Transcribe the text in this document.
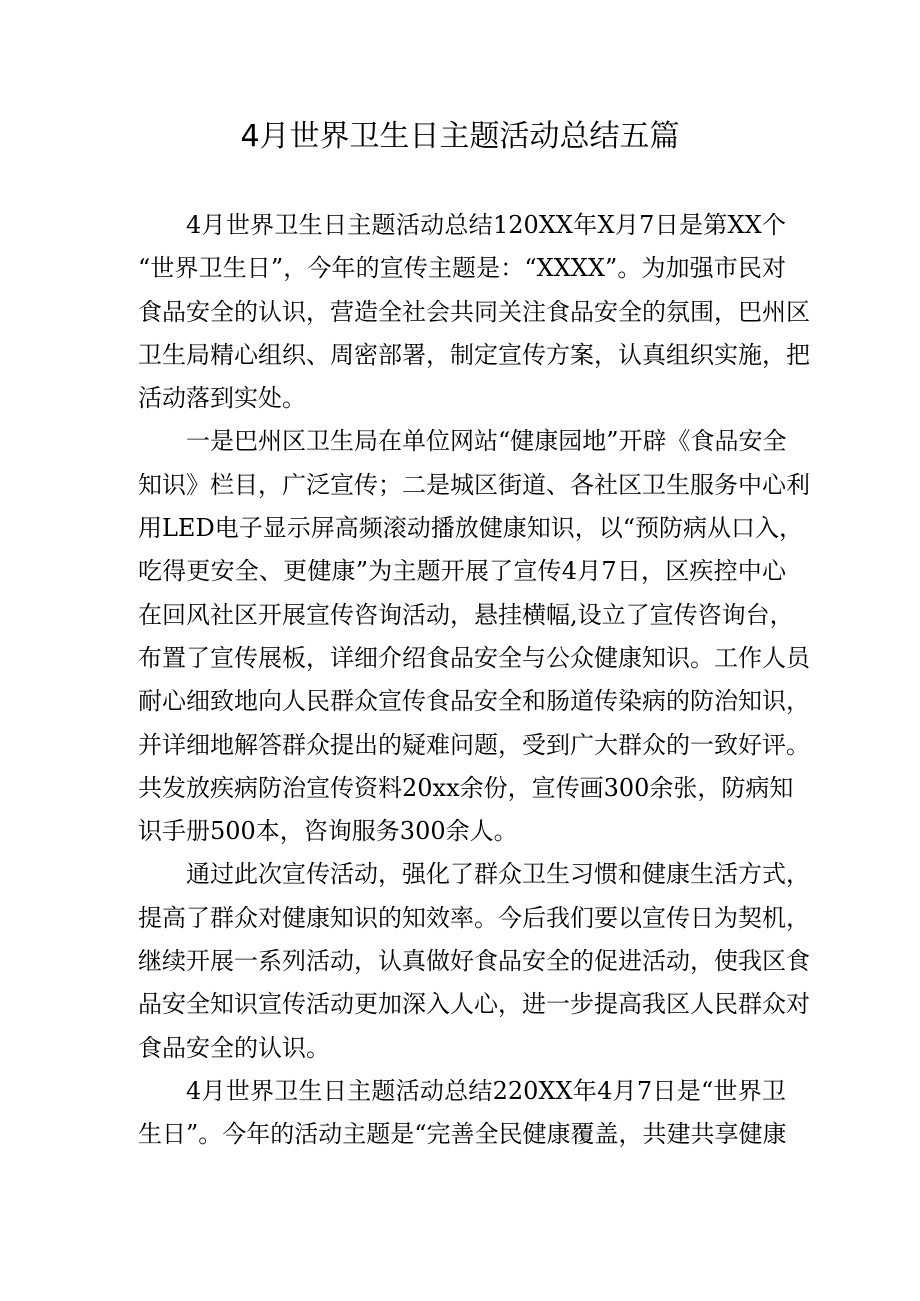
4月世界卫生日主题活动总结五篇
4月世界卫生日主题活动总结120XX年X月7日是第XX个
“世界卫生日”，今年的宣传主题是：“XXXX”。为加强市民对
食品安全的认识，营造全社会共同关注食品安全的氛围，巴州区
卫生局精心组织、周密部署，制定宣传方案，认真组织实施，把
活动落到实处。
一是巴州区卫生局在单位网站“健康园地”开辟《食品安全
知识》栏目，广泛宣传；二是城区街道、各社区卫生服务中心利
用LED电子显示屏高频滚动播放健康知识，以“预防病从口入，
吃得更安全、更健康”为主题开展了宣传4月7日，区疾控中心
在回风社区开展宣传咨询活动，悬挂横幅,设立了宣传咨询台，
布置了宣传展板，详细介绍食品安全与公众健康知识。工作人员
耐心细致地向人民群众宣传食品安全和肠道传染病的防治知识，
并详细地解答群众提出的疑难问题，受到广大群众的一致好评。
共发放疾病防治宣传资料20xx余份，宣传画300余张，防病知
识手册500本，咨询服务300余人。
通过此次宣传活动，强化了群众卫生习惯和健康生活方式，
提高了群众对健康知识的知效率。今后我们要以宣传日为契机，
继续开展一系列活动，认真做好食品安全的促进活动，使我区食
品安全知识宣传活动更加深入人心，进一步提高我区人民群众对
食品安全的认识。
4月世界卫生日主题活动总结220XX年4月7日是“世界卫
生日”。今年的活动主题是“完善全民健康覆盖，共建共享健康
